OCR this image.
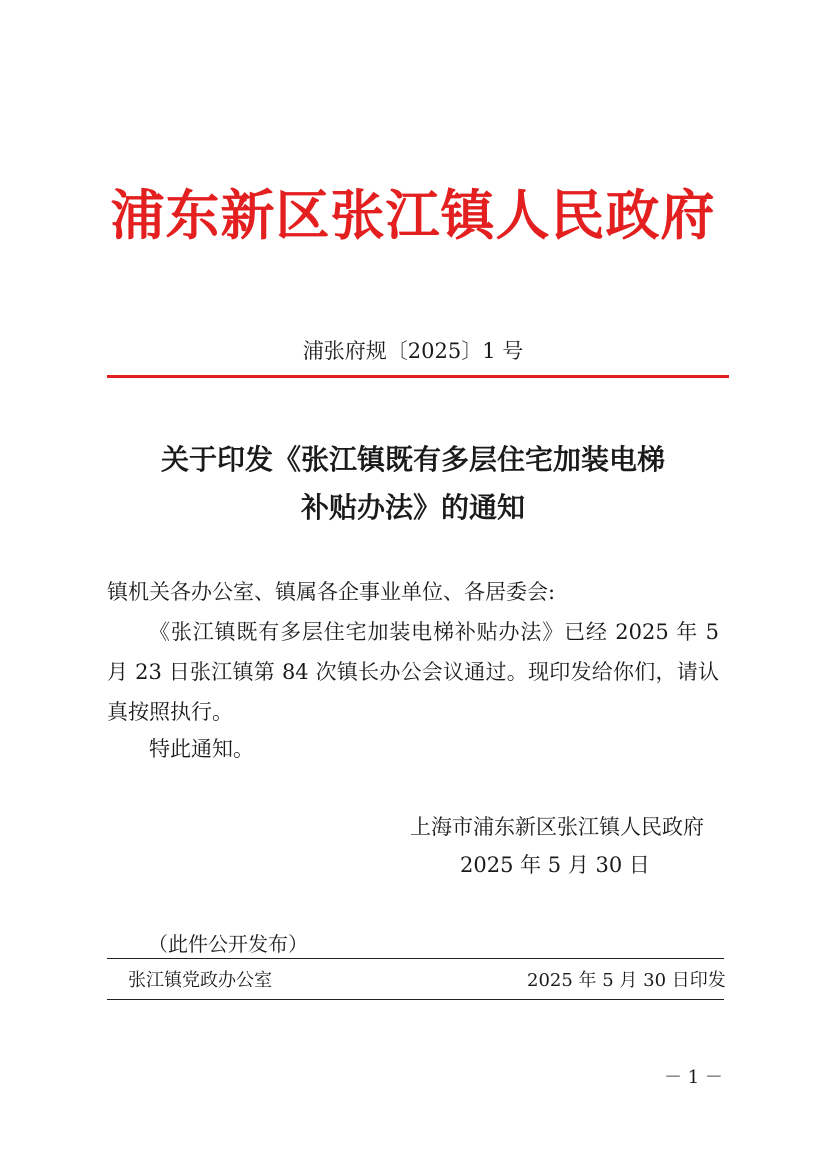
浦东新区张江镇人民政府
浦张府规〔2025〕1 号
关于印发《张江镇既有多层住宅加装电梯
补贴办法》的通知
镇机关各办公室、镇属各企事业单位、各居委会:
《张江镇既有多层住宅加装电梯补贴办法》已经 2025 年 5 月 23 日张江镇第 84 次镇长办公会议通过。现印发给你们，请认真按照执行。
特此通知。
上海市浦东新区张江镇人民政府
2025 年 5 月 30 日
（此件公开发布）
张江镇党政办公室	2025 年 5 月 30 日印发
－ 1 －
